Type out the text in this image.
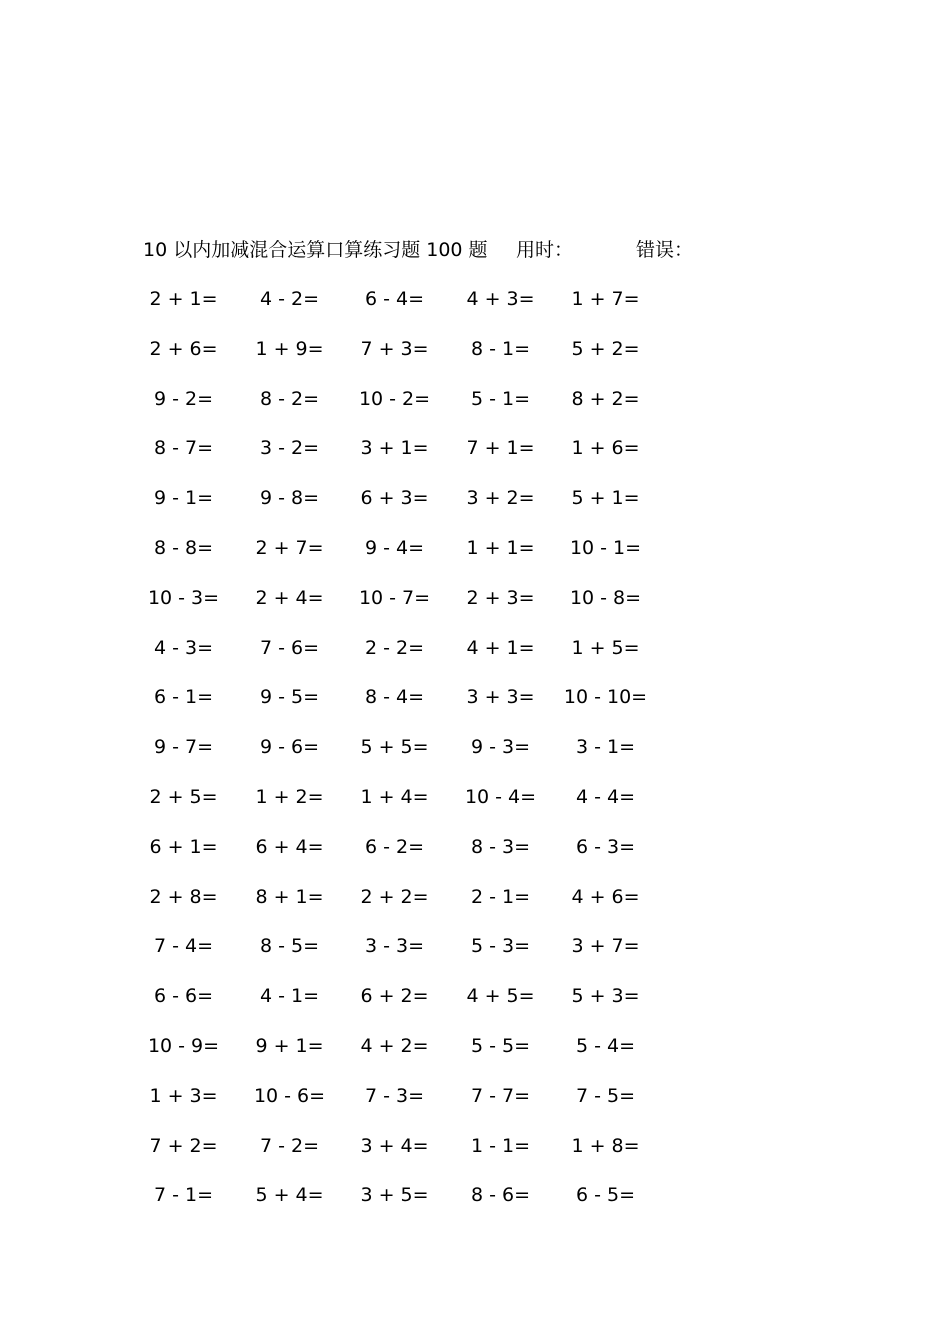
10 以内加减混合运算口算练习题 100 题 用时：	错误：
2 + 1=	4 - 2=	6 - 4=	4 + 3=	1 + 7=
2 + 6=	1 + 9=	7 + 3=	8 - 1=	5 + 2=
9 - 2=	8 - 2=	10 - 2=	5 - 1=	8 + 2=
8 - 7=	3 - 2=	3 + 1=	7 + 1=	1 + 6=
9 - 1=	9 - 8=	6 + 3=	3 + 2=	5 + 1=
8 - 8=	2 + 7=	9 - 4=	1 + 1=	10 - 1=
10 - 3=	2 + 4=	10 - 7=	2 + 3=	10 - 8=
4 - 3=	7 - 6=	2 - 2=	4 + 1=	1 + 5=
6 - 1=	9 - 5=	8 - 4=	3 + 3=	10 - 10=
9 - 7=	9 - 6=	5 + 5=	9 - 3=	3 - 1=
2 + 5=	1 + 2=	1 + 4=	10 - 4=	4 - 4=
6 + 1=	6 + 4=	6 - 2=	8 - 3=	6 - 3=
2 + 8=	8 + 1=	2 + 2=	2 - 1=	4 + 6=
7 - 4=	8 - 5=	3 - 3=	5 - 3=	3 + 7=
6 - 6=	4 - 1=	6 + 2=	4 + 5=	5 + 3=
10 - 9=	9 + 1=	4 + 2=	5 - 5=	5 - 4=
1 + 3=	10 - 6=	7 - 3=	7 - 7=	7 - 5=
7 + 2=	7 - 2=	3 + 4=	1 - 1=	1 + 8=
7 - 1=	5 + 4=	3 + 5=	8 - 6=	6 - 5=
